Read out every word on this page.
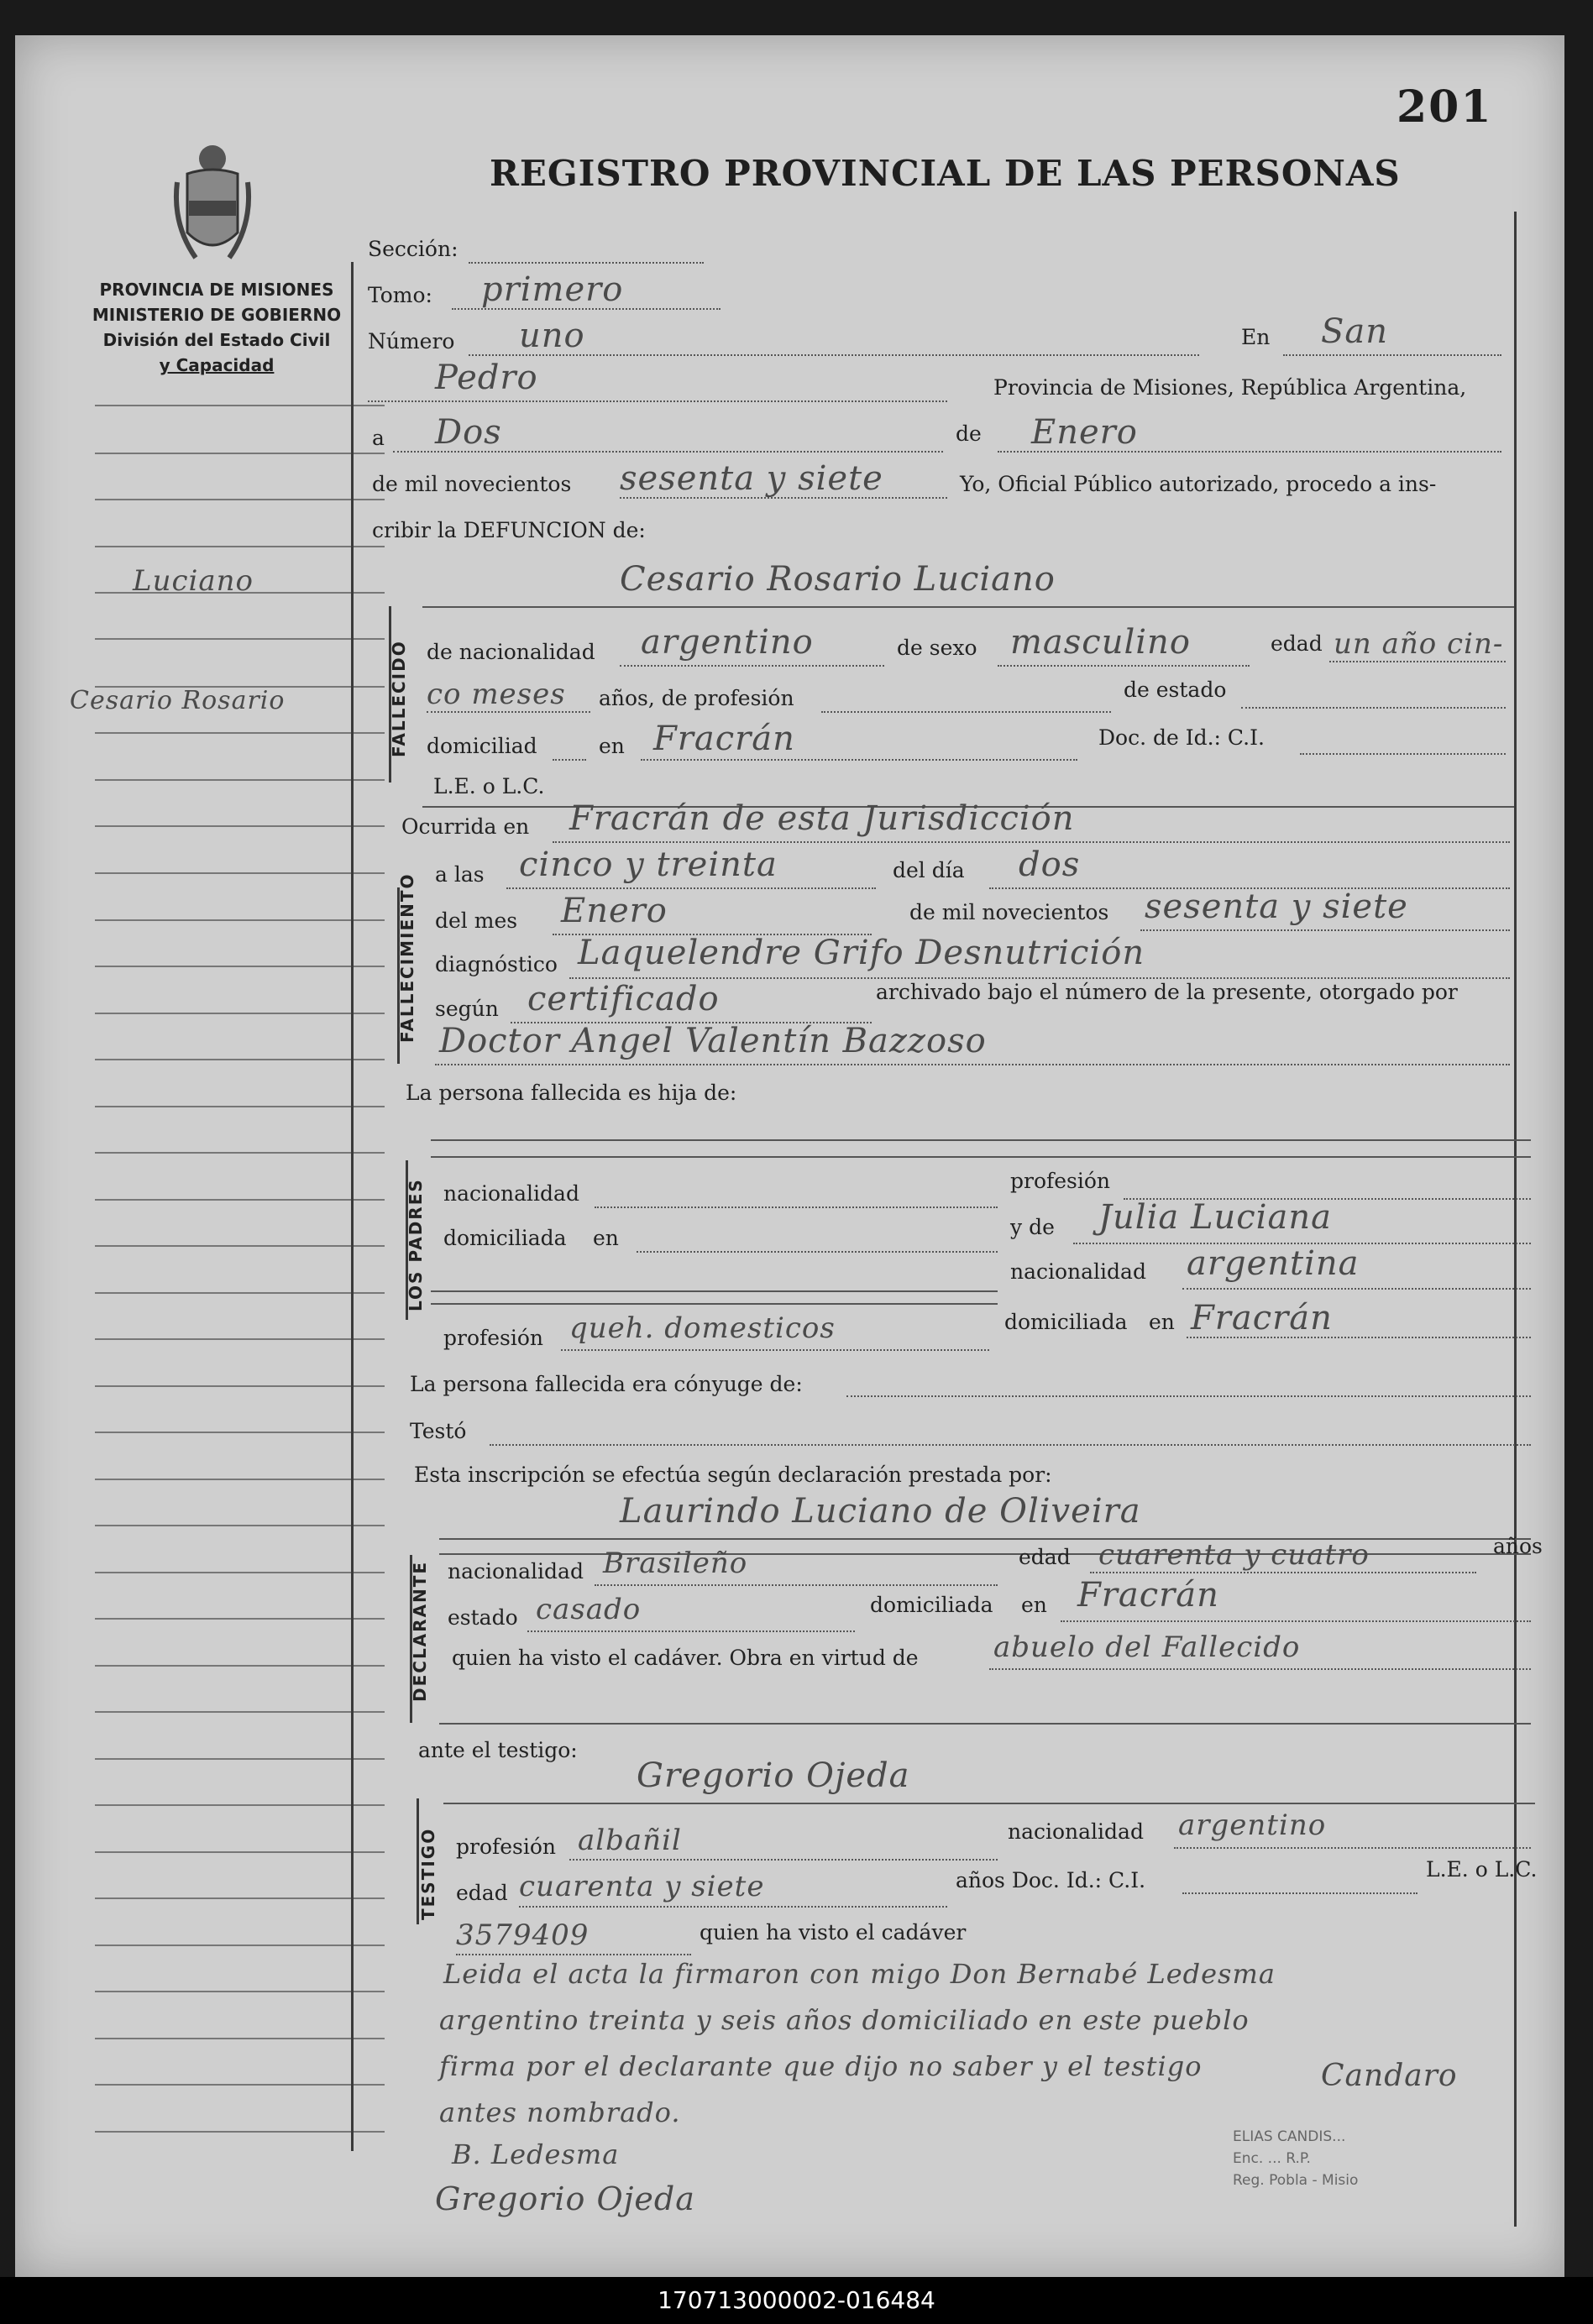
201
REGISTRO PROVINCIAL DE LAS PERSONAS
PROVINCIA DE MISIONES
MINISTERIO DE GOBIERNO
División del Estado Civil
y Capacidad
Luciano
Cesario Rosario
Sección:
Tomo: primero
Número uno	En San
Pedro	Provincia de Misiones, República Argentina,
a Dos	de Enero
de mil novecientos sesenta y siete	Yo, Oficial Público autorizado, procedo a ins-
cribir la DEFUNCION de:
FALLECIDO
Cesario Rosario Luciano
de nacionalidad argentino	de sexo masculino	edad un año cin-
co meses años, de profesión	de estado
domiciliad	en Fracrán	Doc. de Id.: C.I.
L.E. o L.C.
Ocurrida en Fracrán de esta Jurisdicción
FALLECIMIENTO a las cinco y treinta	del día dos
del mes Enero	de mil novecientos sesenta y siete
diagnóstico Laquelendre Grifo Desnutrición
según certificado	archivado bajo el número de la presente, otorgado por
Doctor Angel Valentín Bazzoso
La persona fallecida es hija de:
LOS PADRES nacionalidad
profesión
domiciliada en	y de Julia Luciana
nacionalidad argentina
profesión queh. domesticos	domiciliada en Fracrán
La persona fallecida era cónyuge de:
Testó
Esta inscripción se efectúa según declaración prestada por:
Laurindo Luciano de Oliveira
DECLARANTE nacionalidad Brasileño	edad cuarenta y cuatro	años
estado casado	domiciliada en Fracrán
quien ha visto el cadáver. Obra en virtud de	abuelo del Fallecido
ante el testigo:
Gregorio Ojeda
TESTIGO profesión albañil	nacionalidad argentino
edad cuarenta y siete	años Doc. Id.: C.I.	L.E. o L.C.
3579409	quien ha visto el cadáver
Leida el acta la firmaron con migo Don Bernabé Ledesma
argentino treinta y seis años domiciliado en este pueblo
firma por el declarante que dijo no saber y el testigo
antes nombrado.
Candaro
B. Ledesma
Gregorio Ojeda
ELIAS CANDIS...
Enc. ... R.P.
Reg. Pobla - Misio
170713000002-016484
